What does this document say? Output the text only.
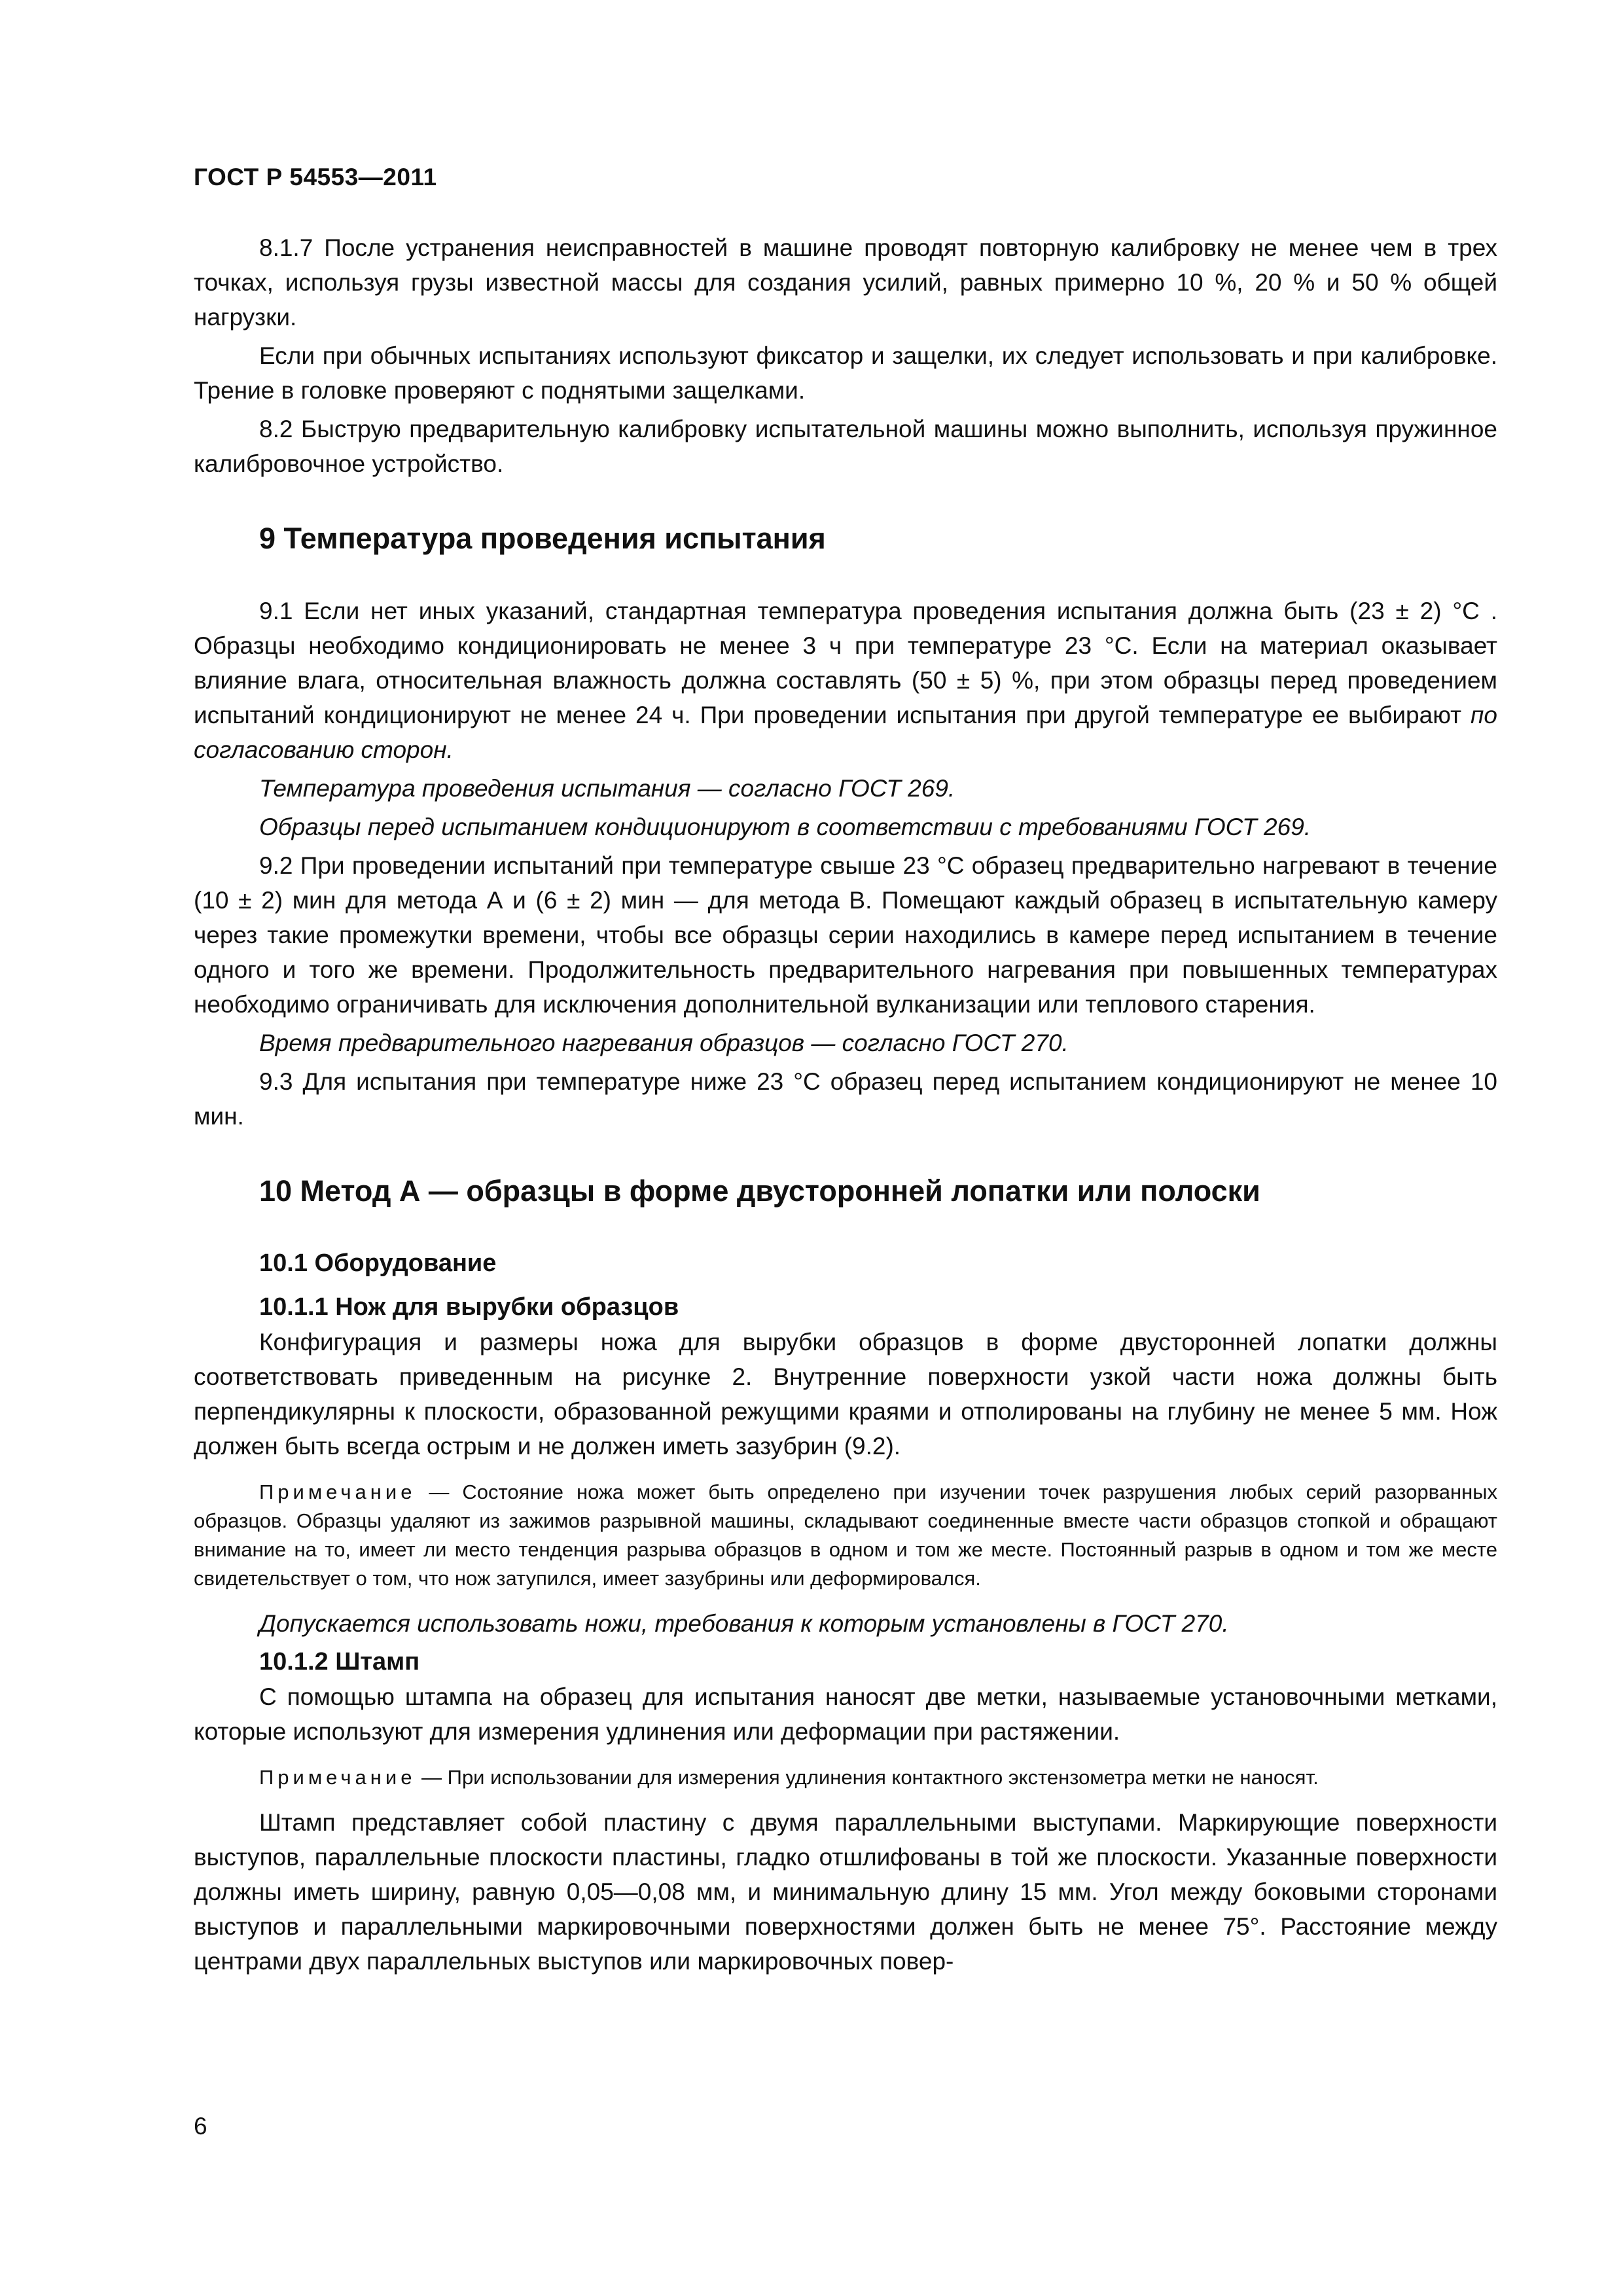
ГОСТ Р 54553—2011

8.1.7 После устранения неисправностей в машине проводят повторную калибровку не менее чем в трех точках, используя грузы известной массы для создания усилий, равных примерно 10 %, 20 % и 50 % общей нагрузки.

Если при обычных испытаниях используют фиксатор и защелки, их следует использовать и при калибровке. Трение в головке проверяют с поднятыми защелками.

8.2 Быструю предварительную калибровку испытательной машины можно выполнить, используя пружинное калибровочное устройство.

9 Температура проведения испытания

9.1 Если нет иных указаний, стандартная температура проведения испытания должна быть (23 ± 2) °С . Образцы необходимо кондиционировать не менее 3 ч при температуре 23 °С. Если на материал оказывает влияние влага, относительная влажность должна составлять (50 ± 5) %, при этом образцы перед проведением испытаний кондиционируют не менее 24 ч. При проведении испытания при другой температуре ее выбирают по согласованию сторон.

Температура проведения испытания — согласно ГОСТ 269.

Образцы перед испытанием кондиционируют в соответствии с требованиями ГОСТ 269.

9.2 При проведении испытаний при температуре свыше 23 °С образец предварительно нагревают в течение (10 ± 2) мин для метода А и (6 ± 2) мин — для метода В. Помещают каждый образец в испытательную камеру через такие промежутки времени, чтобы все образцы серии находились в камере перед испытанием в течение одного и того же времени. Продолжительность предварительного нагревания при повышенных температурах необходимо ограничивать для исключения дополнительной вулканизации или теплового старения.

Время предварительного нагревания образцов — согласно ГОСТ 270.

9.3 Для испытания при температуре ниже 23 °С образец перед испытанием кондиционируют не менее 10 мин.

10 Метод А — образцы в форме двусторонней лопатки или полоски
10.1 Оборудование
10.1.1 Нож для вырубки образцов

Конфигурация и размеры ножа для вырубки образцов в форме двусторонней лопатки должны соответствовать приведенным на рисунке 2. Внутренние поверхности узкой части ножа должны быть перпендикулярны к плоскости, образованной режущими краями и отполированы на глубину не менее 5 мм. Нож должен быть всегда острым и не должен иметь зазубрин (9.2).

Примечание — Состояние ножа может быть определено при изучении точек разрушения любых серий разорванных образцов. Образцы удаляют из зажимов разрывной машины, складывают соединенные вместе части образцов стопкой и обращают внимание на то, имеет ли место тенденция разрыва образцов в одном и том же месте. Постоянный разрыв в одном и том же месте свидетельствует о том, что нож затупился, имеет зазубрины или деформировался.

Допускается использовать ножи, требования к которым установлены в ГОСТ 270.

10.1.2 Штамп

С помощью штампа на образец для испытания наносят две метки, называемые установочными метками, которые используют для измерения удлинения или деформации при растяжении.

Примечание — При использовании для измерения удлинения контактного экстензометра метки не наносят.

Штамп представляет собой пластину с двумя параллельными выступами. Маркирующие поверхности выступов, параллельные плоскости пластины, гладко отшлифованы в той же плоскости. Указанные поверхности должны иметь ширину, равную 0,05—0,08 мм, и минимальную длину 15 мм. Угол между боковыми сторонами выступов и параллельными маркировочными поверхностями должен быть не менее 75°. Расстояние между центрами двух параллельных выступов или маркировочных повер-

6
